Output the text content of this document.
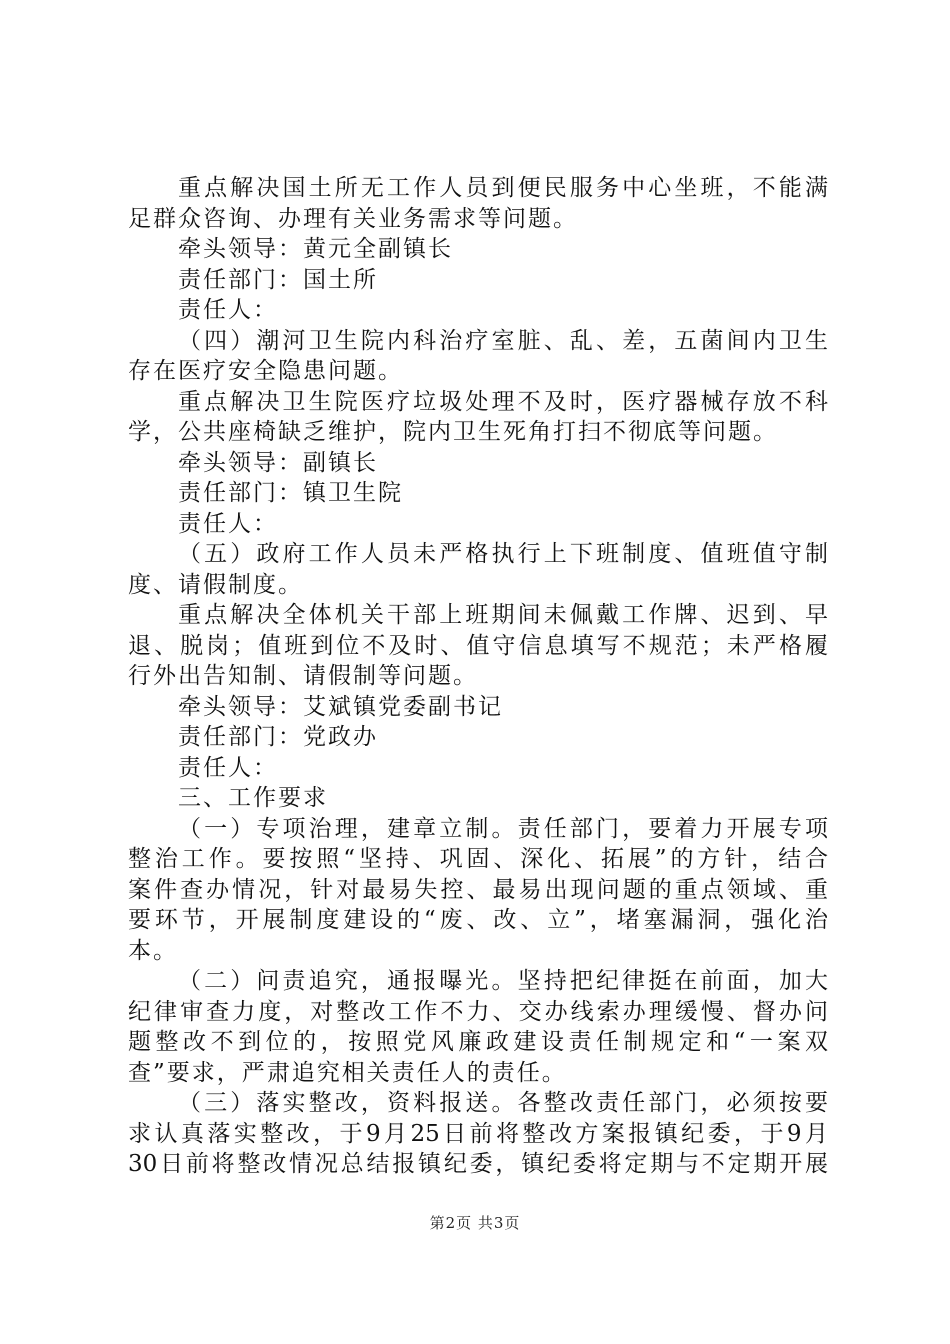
重点解决国土所无工作人员到便民服务中心坐班，不能满
足群众咨询、办理有关业务需求等问题。
牵头领导：黄元全副镇长
责任部门：国土所
责任人：
（四）潮河卫生院内科治疗室脏、乱、差，五菌间内卫生
存在医疗安全隐患问题。
重点解决卫生院医疗垃圾处理不及时，医疗器械存放不科
学，公共座椅缺乏维护，院内卫生死角打扫不彻底等问题。
牵头领导：副镇长
责任部门：镇卫生院
责任人：
（五）政府工作人员未严格执行上下班制度、值班值守制
度、请假制度。
重点解决全体机关干部上班期间未佩戴工作牌、迟到、早
退、脱岗；值班到位不及时、值守信息填写不规范；未严格履
行外出告知制、请假制等问题。
牵头领导：艾斌镇党委副书记
责任部门：党政办
责任人：
三、工作要求
（一）专项治理，建章立制。责任部门，要着力开展专项
整治工作。要按照“坚持、巩固、深化、拓展”的方针，结合
案件查办情况，针对最易失控、最易出现问题的重点领域、重
要环节，开展制度建设的“废、改、立”，堵塞漏洞，强化治
本。
（二）问责追究，通报曝光。坚持把纪律挺在前面，加大
纪律审查力度，对整改工作不力、交办线索办理缓慢、督办问
题整改不到位的，按照党风廉政建设责任制规定和“一案双
查”要求，严肃追究相关责任人的责任。
（三）落实整改，资料报送。各整改责任部门，必须按要
求认真落实整改，于9月25日前将整改方案报镇纪委，于9月
30日前将整改情况总结报镇纪委，镇纪委将定期与不定期开展
第2页 共3页
